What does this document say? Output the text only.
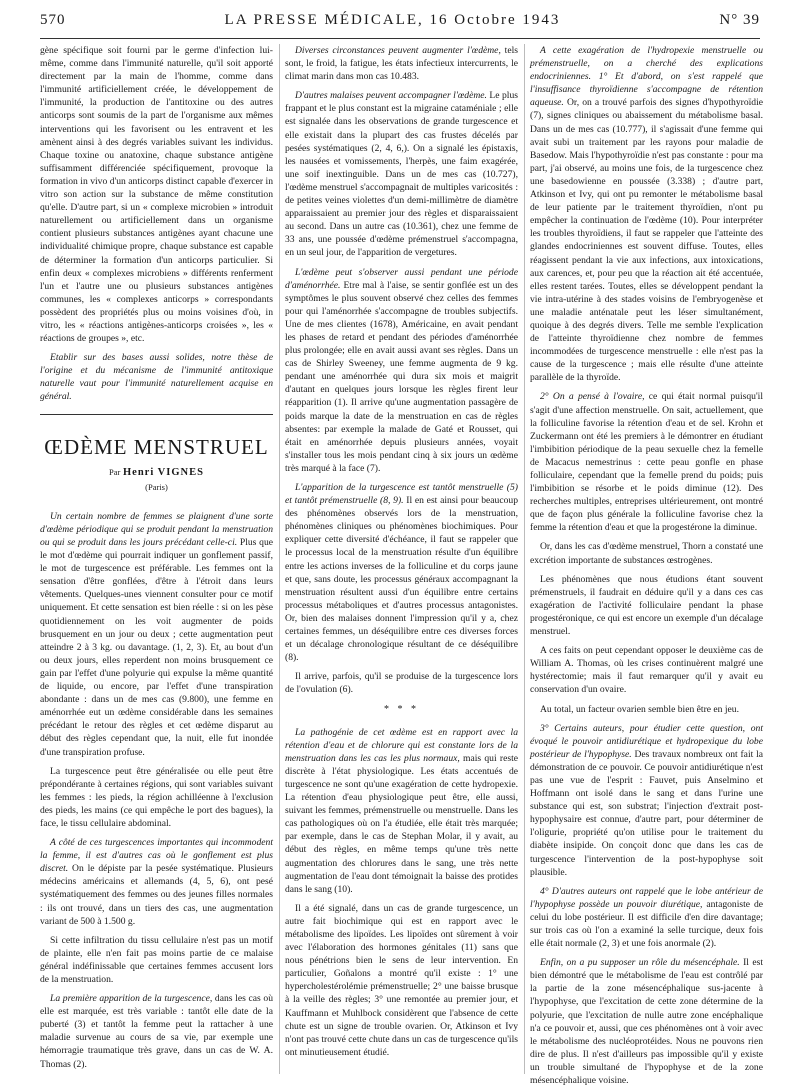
570	LA PRESSE MÉDICALE, 16 Octobre 1943	N° 39

gène spécifique soit fourni par le germe d'infection lui-même, comme dans l'immunité naturelle, qu'il soit apporté directement par la main de l'homme, comme dans l'immunité artificiellement créée, le développement de l'immunité, la production de l'antitoxine ou des autres anticorps sont soumis de la part de l'organisme aux mêmes interventions qui les favorisent ou les entravent et les amènent ainsi à des degrés variables suivant les individus. Chaque toxine ou anatoxine, chaque substance antigène suffisamment différenciée spécifiquement, provoque la formation in vivo d'un anticorps distinct capable d'exercer in vitro son action sur la substance de même constitution qu'elle. D'autre part, si un « complexe microbien » introduit naturellement ou artificiellement dans un organisme contient plusieurs substances antigènes ayant chacune une individualité chimique propre, chaque substance est capable de déterminer la formation d'un anticorps particulier. Si enfin deux « complexes microbiens » différents renferment l'un et l'autre une ou plusieurs substances antigènes communes, les « complexes anticorps » correspondants possèdent des propriétés plus ou moins voisines d'où, in vitro, les « réactions antigènes-anticorps croisées », les « réactions de groupes », etc.

Etablir sur des bases aussi solides, notre thèse de l'origine et du mécanisme de l'immunité antitoxique naturelle vaut pour l'immunité naturellement acquise en général.

ŒDÈME MENSTRUEL
Par Henri VIGNES
(Paris)

Un certain nombre de femmes se plaignent d'une sorte d'œdème périodique qui se produit pendant la menstruation ou qui se produit dans les jours précédant celle-ci. Plus que le mot d'œdème qui pourrait indiquer un gonflement passif, le mot de turgescence est préférable. Les femmes ont la sensation d'être gonflées, d'être à l'étroit dans leurs vêtements. Quelques-unes viennent consulter pour ce motif uniquement. Et cette sensation est bien réelle : si on les pèse quotidiennement on les voit augmenter de poids brusquement en un jour ou deux ; cette augmentation peut atteindre 2 à 3 kg. ou davantage. (1, 2, 3). Et, au bout d'un ou deux jours, elles reperdent non moins brusquement ce gain par l'effet d'une polyurie qui expulse la même quantité de liquide, ou encore, par l'effet d'une transpiration abondante : dans un de mes cas (9.800), une femme en aménorrhée eut un œdème considérable dans les semaines précédant le retour des règles et cet œdème disparut au début des règles cependant que, la nuit, elle fut inondée d'une transpiration profuse.

La turgescence peut être généralisée ou elle peut être prépondérante à certaines régions, qui sont variables suivant les femmes : les pieds, la région achilléenne à l'exclusion des pieds, les mains (ce qui empêche le port des bagues), la face, le tissu cellulaire abdominal.

A côté de ces turgescences importantes qui incommodent la femme, il est d'autres cas où le gonflement est plus discret. On le dépiste par la pesée systématique. Plusieurs médecins américains et allemands (4, 5, 6), ont pesé systématiquement des femmes ou des jeunes filles normales : ils ont trouvé, dans un tiers des cas, une augmentation variant de 500 à 1.500 g.

Si cette infiltration du tissu cellulaire n'est pas un motif de plainte, elle n'en fait pas moins partie de ce malaise général indéfinissable que certaines femmes accusent lors de la menstruation.

La première apparition de la turgescence, dans les cas où elle est marquée, est très variable : tantôt elle date de la puberté (3) et tantôt la femme peut la rattacher à une maladie survenue au cours de sa vie, par exemple une hémorragie traumatique très grave, dans un cas de W. A. Thomas (2).

Diverses circonstances peuvent augmenter l'œdème, tels sont, le froid, la fatigue, les états infectieux intercurrents, le climat marin dans mon cas 10.483.

D'autres malaises peuvent accompagner l'œdème. Le plus frappant et le plus constant est la migraine cataméniale ; elle est signalée dans les observations de grande turgescence et elle existait dans la plupart des cas frustes décelés par pesées systématiques (2, 4, 6,). On a signalé les épistaxis, les nausées et vomissements, l'herpès, une faim exagérée, une soif inextinguible. Dans un de mes cas (10.727), l'œdème menstruel s'accompagnait de multiples varicosités : de petites veines violettes d'un demi-millimètre de diamètre apparaissaient au premier jour des règles et disparaissaient au second. Dans un autre cas (10.361), chez une femme de 33 ans, une poussée d'œdème prémenstruel s'accompagna, en un seul jour, de l'apparition de vergetures.

L'œdème peut s'observer aussi pendant une période d'aménorrhée. Etre mal à l'aise, se sentir gonflée est un des symptômes le plus souvent observé chez celles des femmes pour qui l'aménorrhée s'accompagne de troubles subjectifs. Une de mes clientes (1678), Américaine, en avait pendant les phases de retard et pendant des périodes d'aménorrhée plus prolongée; elle en avait aussi avant ses règles. Dans un cas de Shirley Sweeney, une femme augmenta de 9 kg. pendant une aménorrhée qui dura six mois et maigrit d'autant en quelques jours lorsque les règles firent leur réapparition (1). Il arrive qu'une augmentation passagère de poids marque la date de la menstruation en cas de règles absentes: par exemple la malade de Gaté et Rousset, qui était en aménorrhée depuis plusieurs années, voyait s'installer tous les mois pendant cinq à six jours un œdème très marqué à la face (7).

L'apparition de la turgescence est tantôt menstruelle (5) et tantôt prémenstruelle (8, 9). Il en est ainsi pour beaucoup des phénomènes observés lors de la menstruation, phénomènes cliniques ou phénomènes biochimiques. Pour expliquer cette diversité d'échéance, il faut se rappeler que le processus local de la menstruation résulte d'un équilibre entre les actions inverses de la folliculine et du corps jaune et que, sans doute, les processus généraux accompagnant la menstruation résultent aussi d'un équilibre entre certains processus métaboliques et d'autres processus antagonistes. Or, bien des malaises donnent l'impression qu'il y a, chez certaines femmes, un déséquilibre entre ces diverses forces et un décalage chronologique résultant de ce déséquilibre (8).

Il arrive, parfois, qu'il se produise de la turgescence lors de l'ovulation (6).

* * *

La pathogénie de cet œdème est en rapport avec la rétention d'eau et de chlorure qui est constante lors de la menstruation dans les cas les plus normaux, mais qui reste discrète à l'état physiologique. Les états accentués de turgescence ne sont qu'une exagération de cette hydropexie. La rétention d'eau physiologique peut être, elle aussi, suivant les femmes, prémenstruelle ou menstruelle. Dans les cas pathologiques où on l'a étudiée, elle était très marquée; par exemple, dans le cas de Stephan Molar, il y avait, au début des règles, en même temps qu'une très nette augmentation des chlorures dans le sang, une très nette augmentation de l'eau dont témoignait la baisse des protides dans le sang (10).

Il a été signalé, dans un cas de grande turgescence, un autre fait biochimique qui est en rapport avec le métabolisme des lipoïdes. Les lipoïdes ont sûrement à voir avec l'élaboration des hormones génitales (11) sans que nous pénétrions bien le sens de leur intervention. En particulier, Goñalons a montré qu'il existe : 1° une hypercholestérolémie prémenstruelle; 2° une baisse brusque à la veille des règles; 3° une remontée au premier jour, et Kauffmann et Muhlbock considèrent que l'absence de cette chute est un signe de trouble ovarien. Or, Atkinson et Ivy n'ont pas trouvé cette chute dans un cas de turgescence qu'ils ont minutieusement étudié.

A cette exagération de l'hydropexie menstruelle ou prémenstruelle, on a cherché des explications endocriniennes. 1° Et d'abord, on s'est rappelé que l'insuffisance thyroïdienne s'accompagne de rétention aqueuse. Or, on a trouvé parfois des signes d'hypothyroïdie (7), signes cliniques ou abaissement du métabolisme basal. Dans un de mes cas (10.777), il s'agissait d'une femme qui avait subi un traitement par les rayons pour maladie de Basedow. Mais l'hypothyroïdie n'est pas constante : pour ma part, j'ai observé, au moins une fois, de la turgescence chez une basedowienne en poussée (3.338) ; d'autre part, Atkinson et Ivy, qui ont pu remonter le métabolisme basal de leur patiente par le traitement thyroïdien, n'ont pu empêcher la continuation de l'œdème (10). Pour interpréter les troubles thyroïdiens, il faut se rappeler que l'atteinte des glandes endocriniennes est souvent diffuse. Toutes, elles réagissent pendant la vie aux infections, aux intoxications, aux carences, et, pour peu que la réaction ait été accentuée, elles restent tarées. Toutes, elles se développent pendant la vie intra-utérine à des stades voisins de l'embryogenèse et une maladie anténatale peut les léser simultanément, quoique à des degrés divers. Telle me semble l'explication de l'atteinte thyroïdienne chez nombre de femmes incommodées de turgescence menstruelle : elle n'est pas la cause de la turgescence ; mais elle résulte d'une atteinte parallèle de la thyroïde.

2° On a pensé à l'ovaire, ce qui était normal puisqu'il s'agit d'une affection menstruelle. On sait, actuellement, que la folliculine favorise la rétention d'eau et de sel. Krohn et Zuckermann ont été les premiers à le démontrer en étudiant l'imbibition périodique de la peau sexuelle chez la femelle de Macacus nemestrinus : cette peau gonfle en phase folliculaire, cependant que la femelle prend du poids; puis l'imbibition se résorbe et le poids diminue (12). Des recherches multiples, entreprises ultérieurement, ont montré que de façon plus générale la folliculine favorise chez la femme la rétention d'eau et que la progestérone la diminue.

Or, dans les cas d'œdème menstruel, Thorn a constaté une excrétion importante de substances œstrogènes.

Les phénomènes que nous étudions étant souvent prémenstruels, il faudrait en déduire qu'il y a dans ces cas exagération de l'activité folliculaire pendant la phase progestéronique, ce qui est encore un exemple d'un décalage menstruel.

A ces faits on peut cependant opposer le deuxième cas de William A. Thomas, où les crises continuèrent malgré une hystérectomie; mais il faut remarquer qu'il y avait eu conservation d'un ovaire.

Au total, un facteur ovarien semble bien être en jeu.

3° Certains auteurs, pour étudier cette question, ont évoqué le pouvoir antidiurétique et hydropexique du lobe postérieur de l'hypophyse. Des travaux nombreux ont fait la démonstration de ce pouvoir. Ce pouvoir antidiurétique n'est pas une vue de l'esprit : Fauvet, puis Anselmino et Hoffmann ont isolé dans le sang et dans l'urine une substance qui est, son substrat; l'injection d'extrait post-hypophysaire est connue, d'autre part, pour déterminer de l'oligurie, propriété qu'on utilise pour le traitement du diabète insipide. On conçoit donc que dans les cas de turgescence l'intervention de la post-hypophyse soit plausible.

4° D'autres auteurs ont rappelé que le lobe antérieur de l'hypophyse possède un pouvoir diurétique, antagoniste de celui du lobe postérieur. Il est difficile d'en dire davantage; sur trois cas où l'on a examiné la selle turcique, deux fois elle était normale (2, 3) et une fois anormale (2).

Enfin, on a pu supposer un rôle du mésencéphale. Il est bien démontré que le métabolisme de l'eau est contrôlé par la partie de la zone mésencéphalique sus-jacente à l'hypophyse, que l'excitation de cette zone détermine de la polyurie, que l'excitation de nulle autre zone encéphalique n'a ce pouvoir et, aussi, que ces phénomènes ont à voir avec le métabolisme des nucléoprotéides. Nous ne pouvons rien dire de plus. Il n'est d'ailleurs pas impossible qu'il y existe un trouble simultané de l'hypophyse et de la zone mésencéphalique voisine.
